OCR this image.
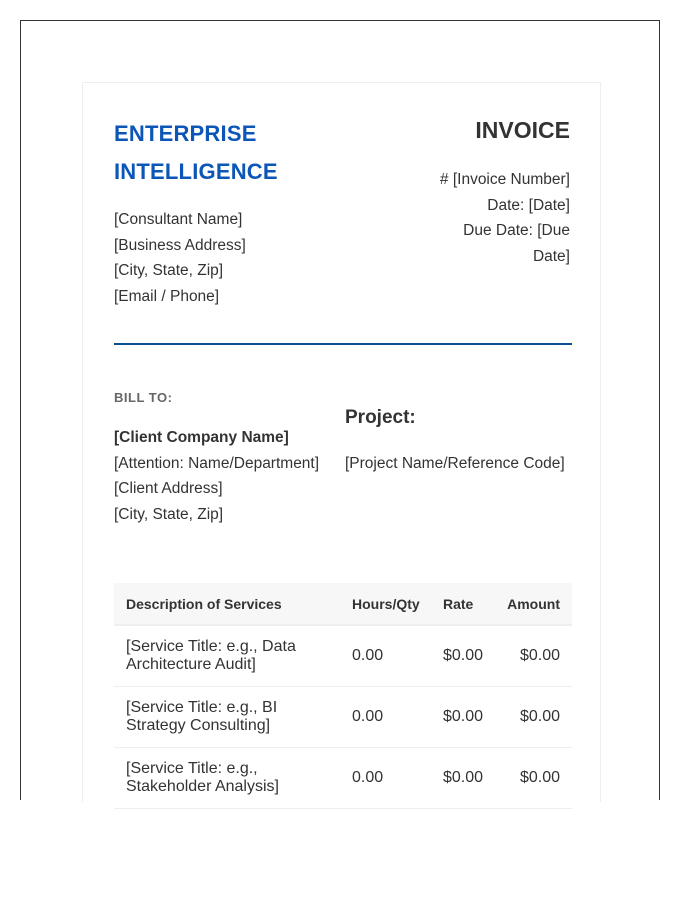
ENTERPRISE
INTELLIGENCE
[Consultant Name]
[Business Address]
[City, State, Zip]
[Email / Phone]
INVOICE
# [Invoice Number]
Date: [Date]
Due Date: [Due
Date]
BILL TO:
[Client Company Name]
[Attention: Name/Department]
[Client Address]
[City, State, Zip]
Project:
[Project Name/Reference Code]
Description of Services	Hours/Qty	Rate	Amount

[Service Title: e.g., Data
Architecture Audit]	0.00	$0.00	$0.00

[Service Title: e.g., BI
Strategy Consulting]	0.00	$0.00	$0.00

[Service Title: e.g.,
Stakeholder Analysis]	0.00	$0.00	$0.00
